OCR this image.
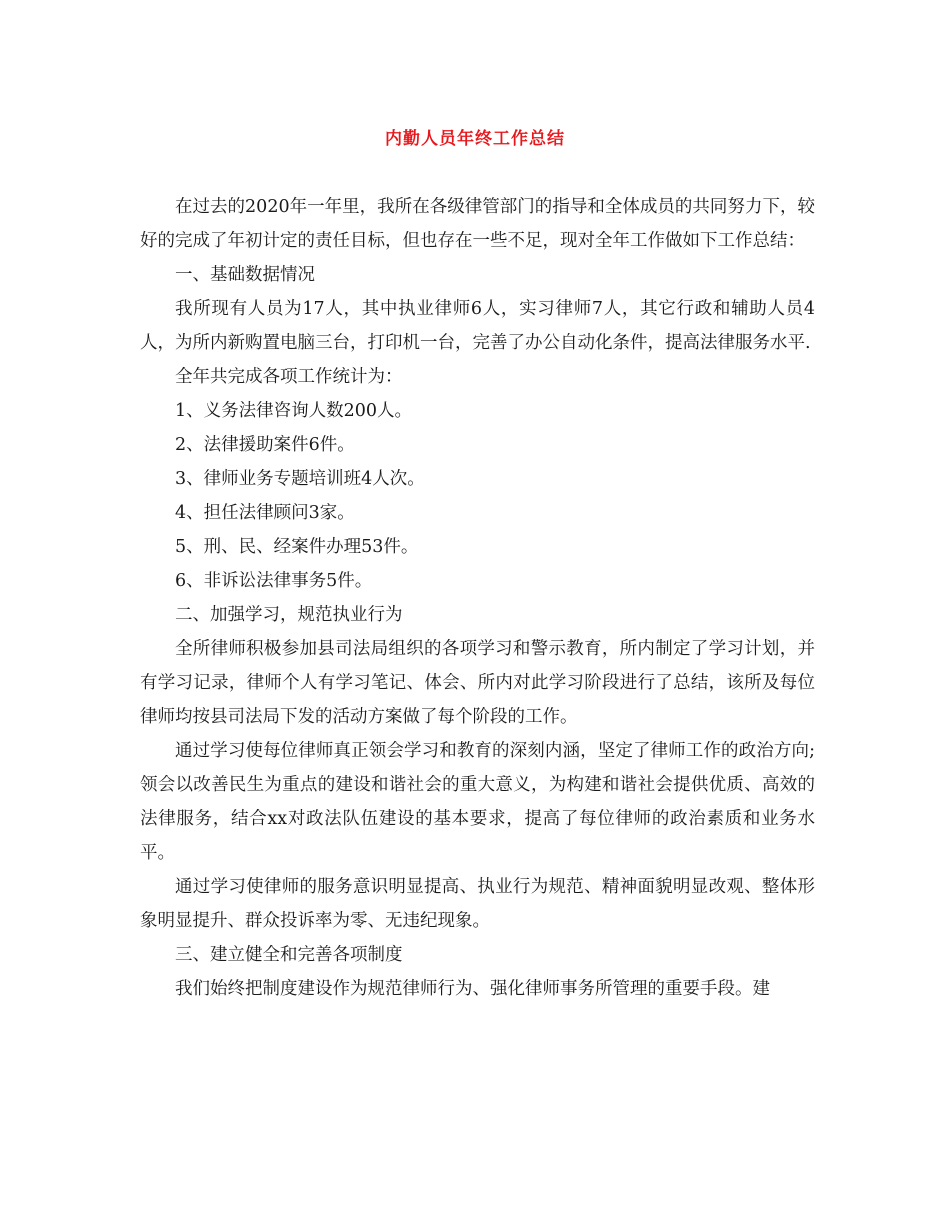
内勤人员年终工作总结

在过去的2020年一年里，我所在各级律管部门的指导和全体成员的共同努力下，较好的完成了年初计定的责任目标，但也存在一些不足，现对全年工作做如下工作总结：

一、基础数据情况

我所现有人员为17人，其中执业律师6人，实习律师7人，其它行政和辅助人员4人，为所内新购置电脑三台，打印机一台，完善了办公自动化条件，提高法律服务水平.

全年共完成各项工作统计为：

1、义务法律咨询人数200人。

2、法律援助案件6件。

3、律师业务专题培训班4人次。

4、担任法律顾问3家。

5、刑、民、经案件办理53件。

6、非诉讼法律事务5件。

二、加强学习，规范执业行为

全所律师积极参加县司法局组织的各项学习和警示教育，所内制定了学习计划，并有学习记录，律师个人有学习笔记、体会、所内对此学习阶段进行了总结，该所及每位律师均按县司法局下发的活动方案做了每个阶段的工作。

通过学习使每位律师真正领会学习和教育的深刻内涵，坚定了律师工作的政治方向;领会以改善民生为重点的建设和谐社会的重大意义，为构建和谐社会提供优质、高效的法律服务，结合xx对政法队伍建设的基本要求，提高了每位律师的政治素质和业务水平。

通过学习使律师的服务意识明显提高、执业行为规范、精神面貌明显改观、整体形象明显提升、群众投诉率为零、无违纪现象。

三、建立健全和完善各项制度

我们始终把制度建设作为规范律师行为、强化律师事务所管理的重要手段。建
